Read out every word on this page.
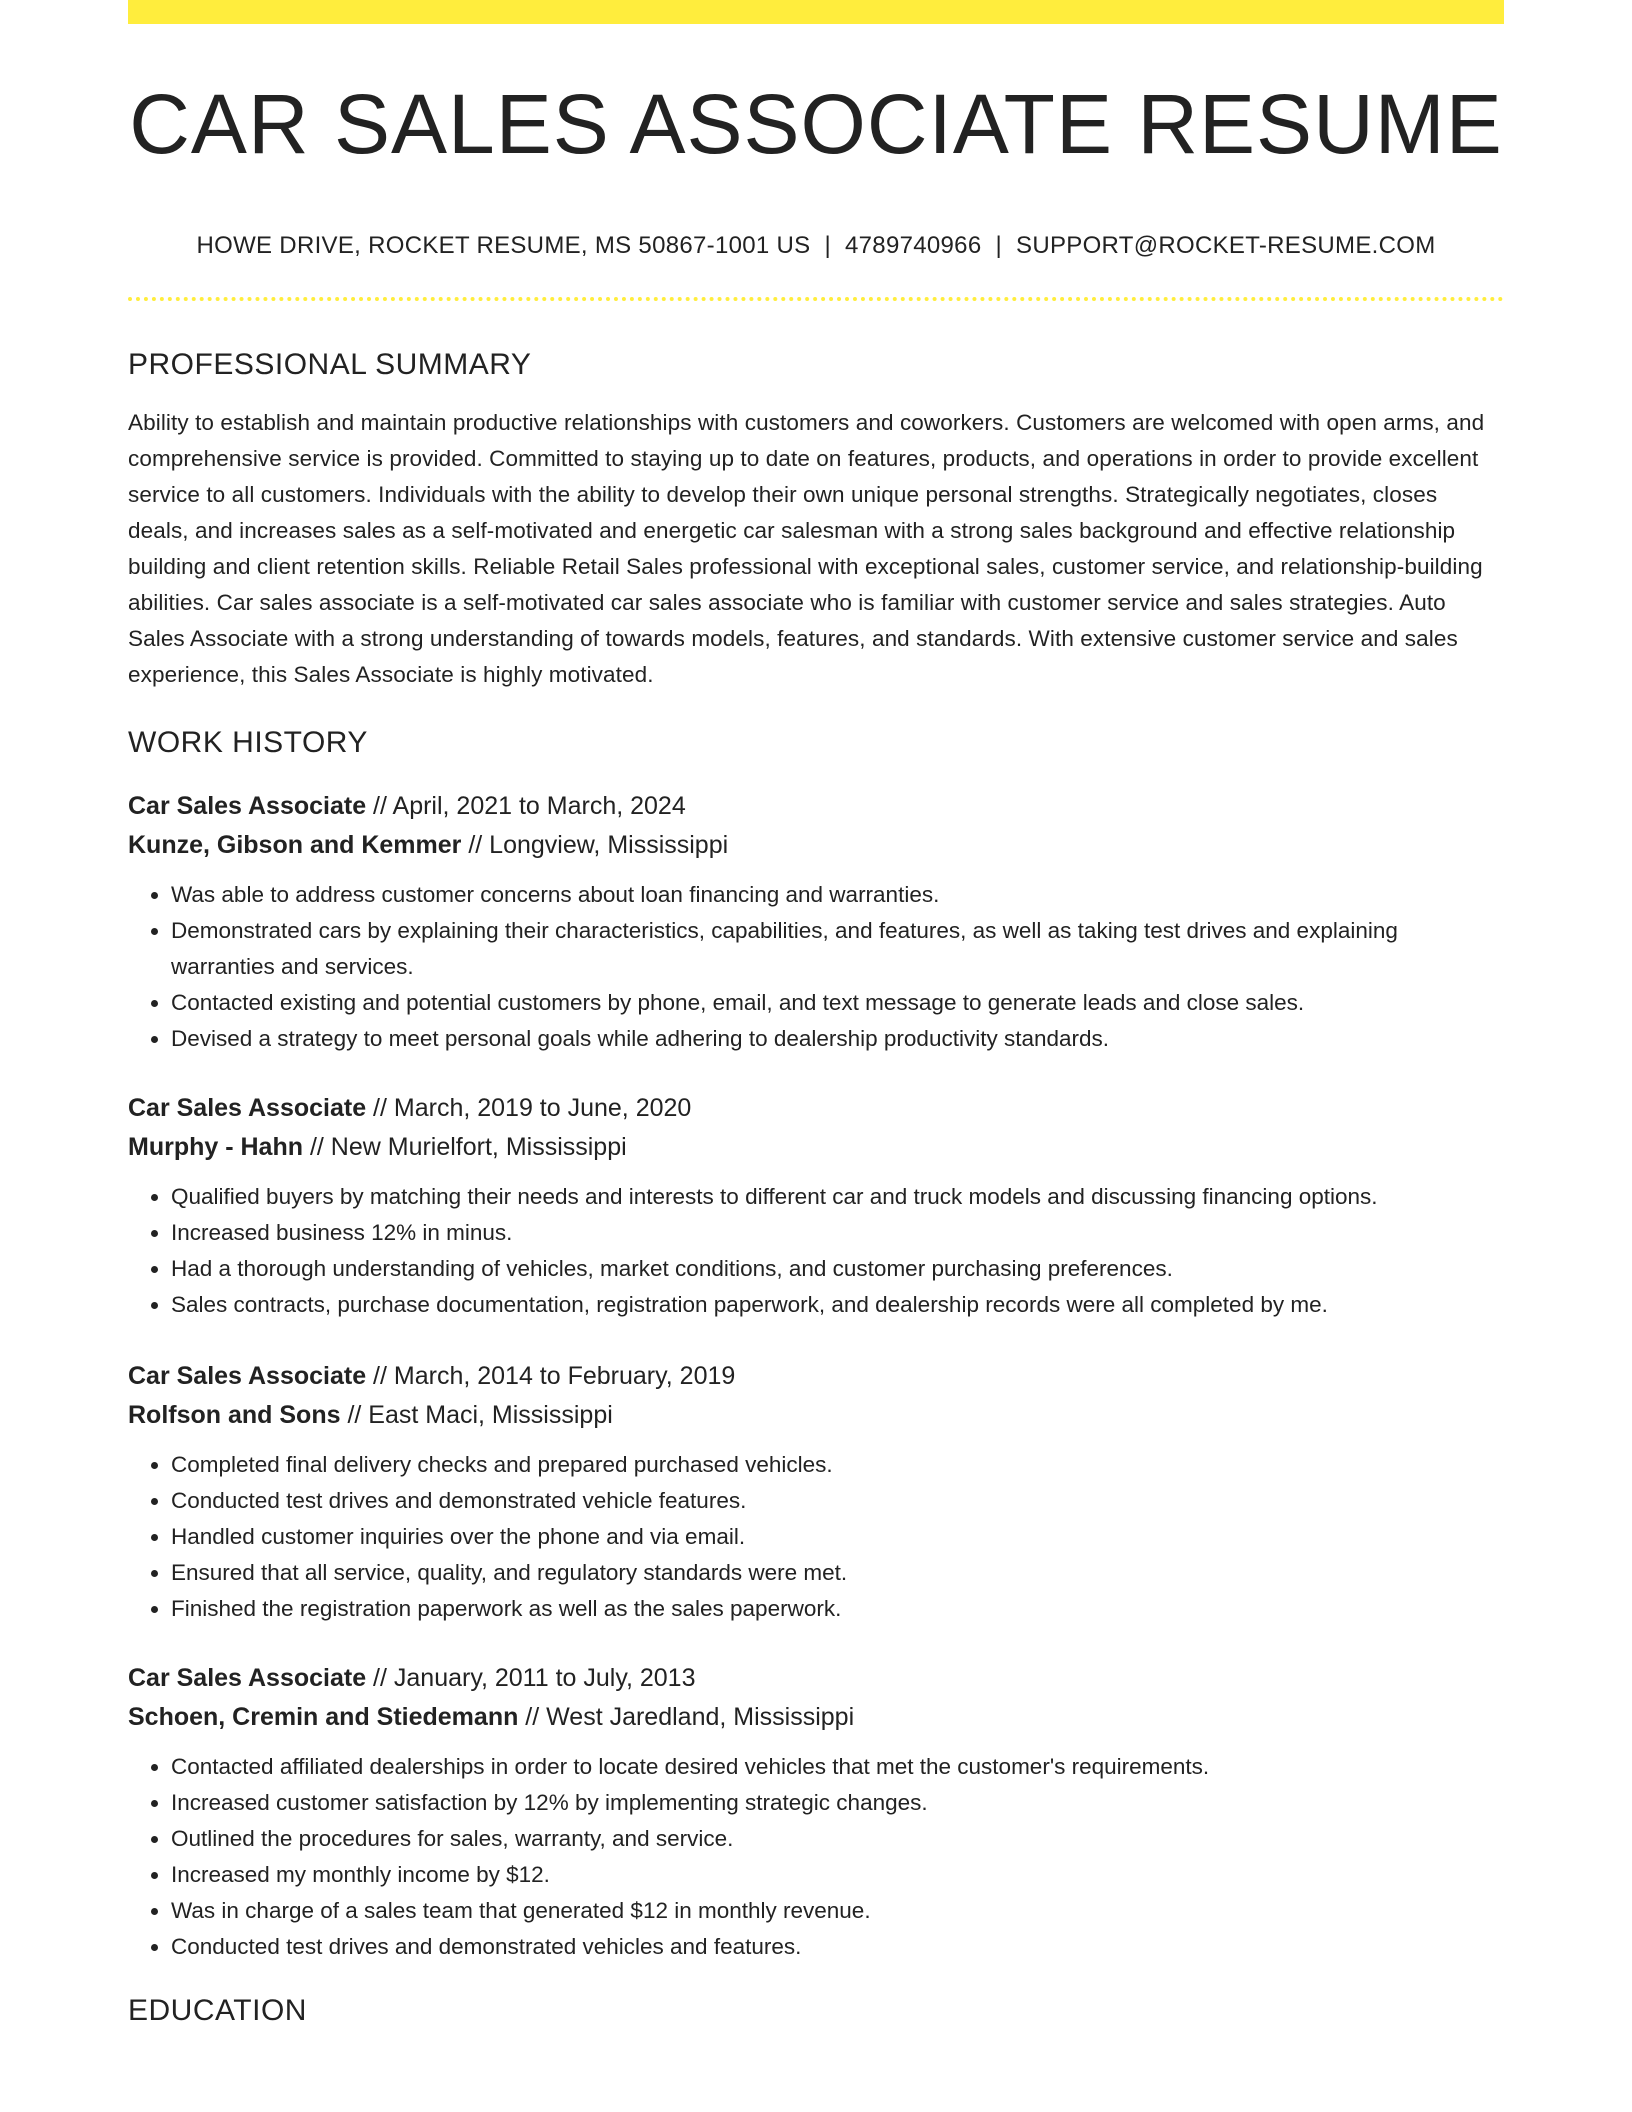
CAR SALES ASSOCIATE RESUME
HOWE DRIVE, ROCKET RESUME, MS 50867-1001 US | 4789740966 | SUPPORT@ROCKET-RESUME.COM
PROFESSIONAL SUMMARY

Ability to establish and maintain productive relationships with customers and coworkers. Customers are welcomed with open arms, and comprehensive service is provided. Committed to staying up to date on features, products, and operations in order to provide excellent service to all customers. Individuals with the ability to develop their own unique personal strengths. Strategically negotiates, closes deals, and increases sales as a self-motivated and energetic car salesman with a strong sales background and effective relationship building and client retention skills. Reliable Retail Sales professional with exceptional sales, customer service, and relationship-building abilities. Car sales associate is a self-motivated car sales associate who is familiar with customer service and sales strategies. Auto Sales Associate with a strong understanding of towards models, features, and standards. With extensive customer service and sales experience, this Sales Associate is highly motivated.

WORK HISTORY
Car Sales Associate // April, 2021 to March, 2024
Kunze, Gibson and Kemmer // Longview, Mississippi
• Was able to address customer concerns about loan financing and warranties.
• Demonstrated cars by explaining their characteristics, capabilities, and features, as well as taking test drives and explaining warranties and services.
• Contacted existing and potential customers by phone, email, and text message to generate leads and close sales.
• Devised a strategy to meet personal goals while adhering to dealership productivity standards.
Car Sales Associate // March, 2019 to June, 2020
Murphy - Hahn // New Murielfort, Mississippi
• Qualified buyers by matching their needs and interests to different car and truck models and discussing financing options.
• Increased business 12% in minus.
• Had a thorough understanding of vehicles, market conditions, and customer purchasing preferences.
• Sales contracts, purchase documentation, registration paperwork, and dealership records were all completed by me.
Car Sales Associate // March, 2014 to February, 2019
Rolfson and Sons // East Maci, Mississippi
• Completed final delivery checks and prepared purchased vehicles.
• Conducted test drives and demonstrated vehicle features.
• Handled customer inquiries over the phone and via email.
• Ensured that all service, quality, and regulatory standards were met.
• Finished the registration paperwork as well as the sales paperwork.
Car Sales Associate // January, 2011 to July, 2013
Schoen, Cremin and Stiedemann // West Jaredland, Mississippi
• Contacted affiliated dealerships in order to locate desired vehicles that met the customer's requirements.
• Increased customer satisfaction by 12% by implementing strategic changes.
• Outlined the procedures for sales, warranty, and service.
• Increased my monthly income by $12.
• Was in charge of a sales team that generated $12 in monthly revenue.
• Conducted test drives and demonstrated vehicles and features.
EDUCATION
